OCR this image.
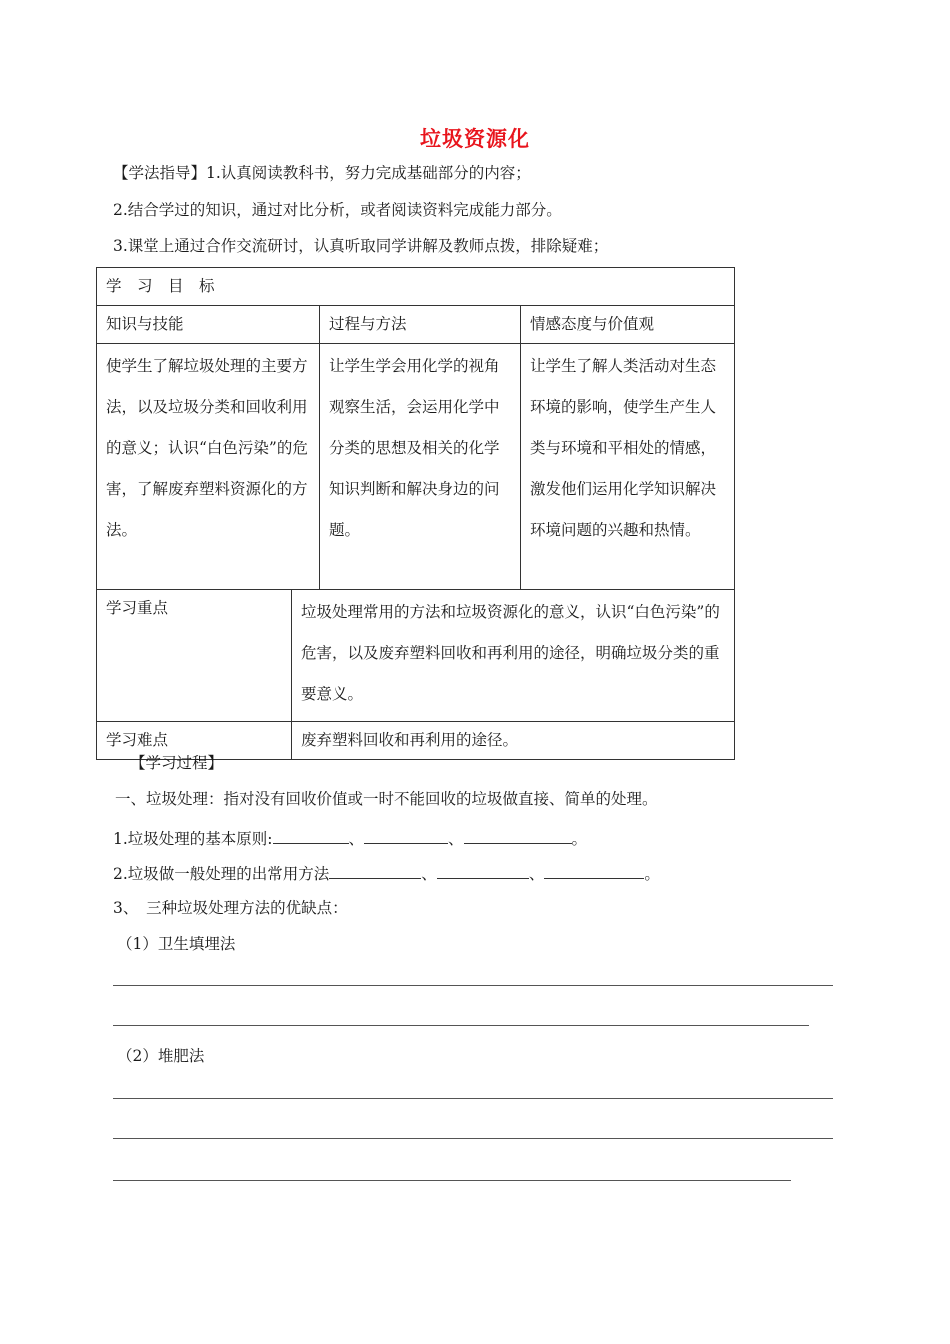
垃圾资源化
【学法指导】1.认真阅读教科书，努力完成基础部分的内容；
2.结合学过的知识，通过对比分析，或者阅读资料完成能力部分。
3.课堂上通过合作交流研讨，认真听取同学讲解及教师点拨，排除疑难；
学　习　目　标			
知识与技能		过程与方法	情感态度与价值观
使学生了解垃圾处理的主要方法，以及垃圾分类和回收利用的意义；认识“白色污染”的危害，了解废弃塑料资源化的方法。		让学生学会用化学的视角观察生活，会运用化学中分类的思想及相关的化学知识判断和解决身边的问题。	让学生了解人类活动对生态环境的影响，使学生产生人类与环境和平相处的情感，激发他们运用化学知识解决环境问题的兴趣和热情。
学习重点	垃圾处理常用的方法和垃圾资源化的意义，认识“白色污染”的危害，以及废弃塑料回收和再利用的途径，明确垃圾分类的重要意义。		
学习难点	废弃塑料回收和再利用的途径。		
【学习过程】
一、垃圾处理：指对没有回收价值或一时不能回收的垃圾做直接、简单的处理。
1.垃圾处理的基本原则:	、	、	。
2.垃圾做一般处理的出常用方法	、	、	。
3、　三种垃圾处理方法的优缺点：
（1）卫生填埋法
（2）堆肥法
